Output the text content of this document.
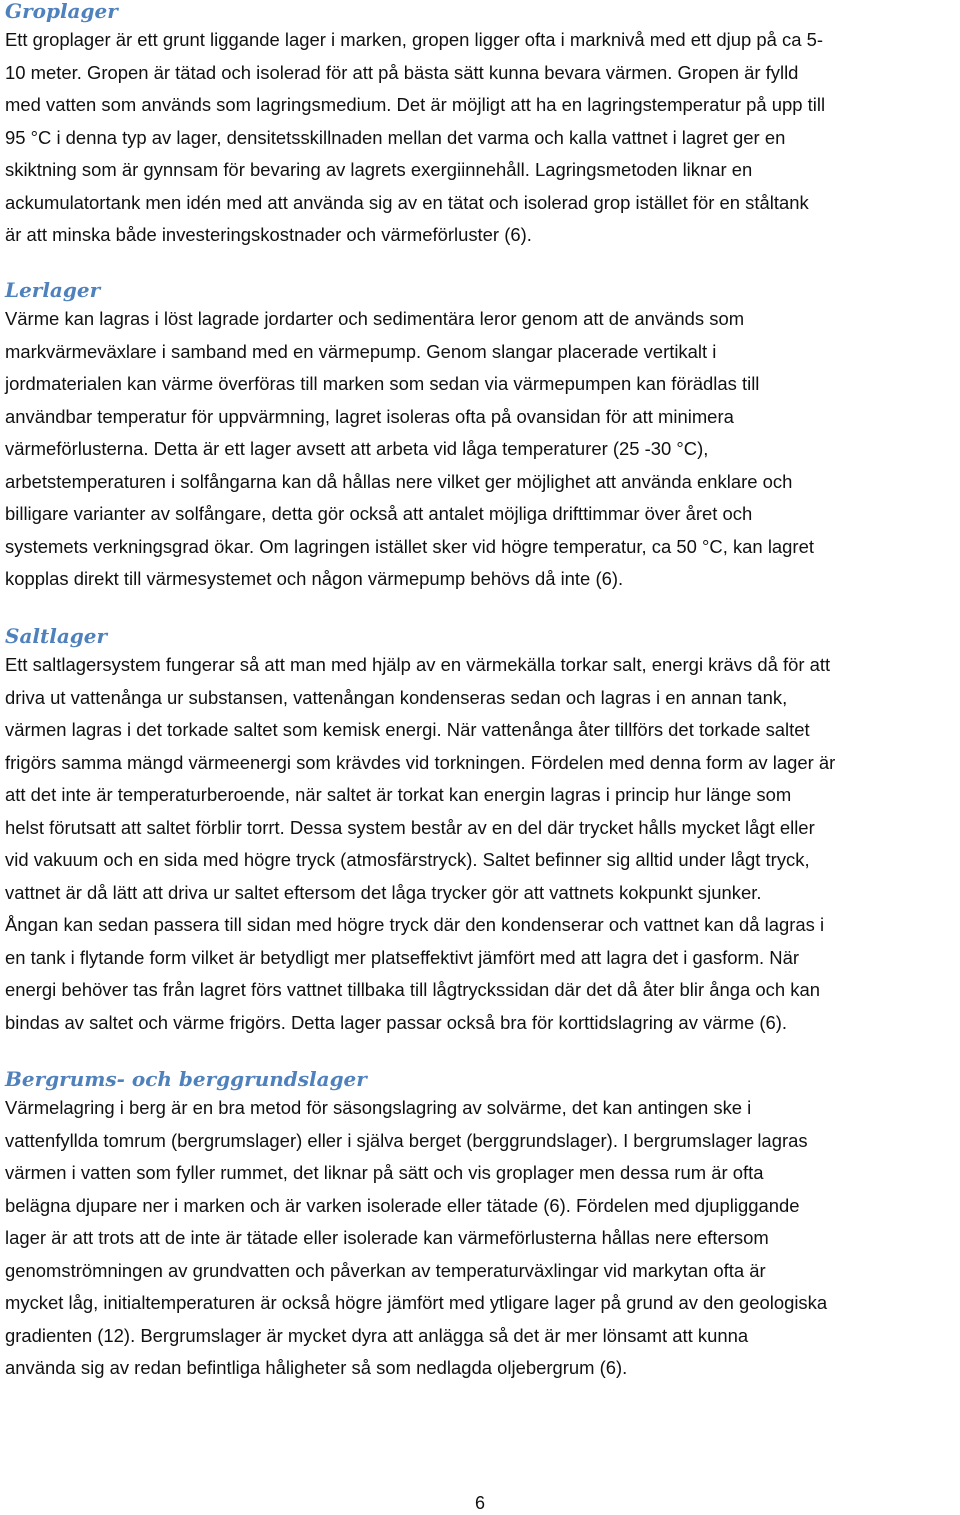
Groplager

Ett groplager är ett grunt liggande lager i marken, gropen ligger ofta i marknivå med ett djup på ca 5-
10 meter. Gropen är tätad och isolerad för att på bästa sätt kunna bevara värmen. Gropen är fylld
med vatten som används som lagringsmedium. Det är möjligt att ha en lagringstemperatur på upp till
95 °C i denna typ av lager, densitetsskillnaden mellan det varma och kalla vattnet i lagret ger en
skiktning som är gynnsam för bevaring av lagrets exergiinnehåll. Lagringsmetoden liknar en
ackumulatortank men idén med att använda sig av en tätat och isolerad grop istället för en ståltank
är att minska både investeringskostnader och värmeförluster (6).

Lerlager

Värme kan lagras i löst lagrade jordarter och sedimentära leror genom att de används som
markvärmeväxlare i samband med en värmepump. Genom slangar placerade vertikalt i
jordmaterialen kan värme överföras till marken som sedan via värmepumpen kan förädlas till
användbar temperatur för uppvärmning, lagret isoleras ofta på ovansidan för att minimera
värmeförlusterna. Detta är ett lager avsett att arbeta vid låga temperaturer (25 -30 °C),
arbetstemperaturen i solfångarna kan då hållas nere vilket ger möjlighet att använda enklare och
billigare varianter av solfångare, detta gör också att antalet möjliga drifttimmar över året och
systemets verkningsgrad ökar. Om lagringen istället sker vid högre temperatur, ca 50 °C, kan lagret
kopplas direkt till värmesystemet och någon värmepump behövs då inte (6).

Saltlager

Ett saltlagersystem fungerar så att man med hjälp av en värmekälla torkar salt, energi krävs då för att
driva ut vattenånga ur substansen, vattenångan kondenseras sedan och lagras i en annan tank,
värmen lagras i det torkade saltet som kemisk energi. När vattenånga åter tillförs det torkade saltet
frigörs samma mängd värmeenergi som krävdes vid torkningen. Fördelen med denna form av lager är
att det inte är temperaturberoende, när saltet är torkat kan energin lagras i princip hur länge som
helst förutsatt att saltet förblir torrt. Dessa system består av en del där trycket hålls mycket lågt eller
vid vakuum och en sida med högre tryck (atmosfärstryck). Saltet befinner sig alltid under lågt tryck,
vattnet är då lätt att driva ur saltet eftersom det låga trycker gör att vattnets kokpunkt sjunker.
Ångan kan sedan passera till sidan med högre tryck där den kondenserar och vattnet kan då lagras i
en tank i flytande form vilket är betydligt mer platseffektivt jämfört med att lagra det i gasform. När
energi behöver tas från lagret förs vattnet tillbaka till lågtryckssidan där det då åter blir ånga och kan
bindas av saltet och värme frigörs. Detta lager passar också bra för korttidslagring av värme (6).

Bergrums- och berggrundslager

Värmelagring i berg är en bra metod för säsongslagring av solvärme, det kan antingen ske i
vattenfyllda tomrum (bergrumslager) eller i själva berget (berggrundslager). I bergrumslager lagras
värmen i vatten som fyller rummet, det liknar på sätt och vis groplager men dessa rum är ofta
belägna djupare ner i marken och är varken isolerade eller tätade (6). Fördelen med djupliggande
lager är att trots att de inte är tätade eller isolerade kan värmeförlusterna hållas nere eftersom
genomströmningen av grundvatten och påverkan av temperaturväxlingar vid markytan ofta är
mycket låg, initialtemperaturen är också högre jämfört med ytligare lager på grund av den geologiska
gradienten (12). Bergrumslager är mycket dyra att anlägga så det är mer lönsamt att kunna
använda sig av redan befintliga håligheter så som nedlagda oljebergrum (6).

6
